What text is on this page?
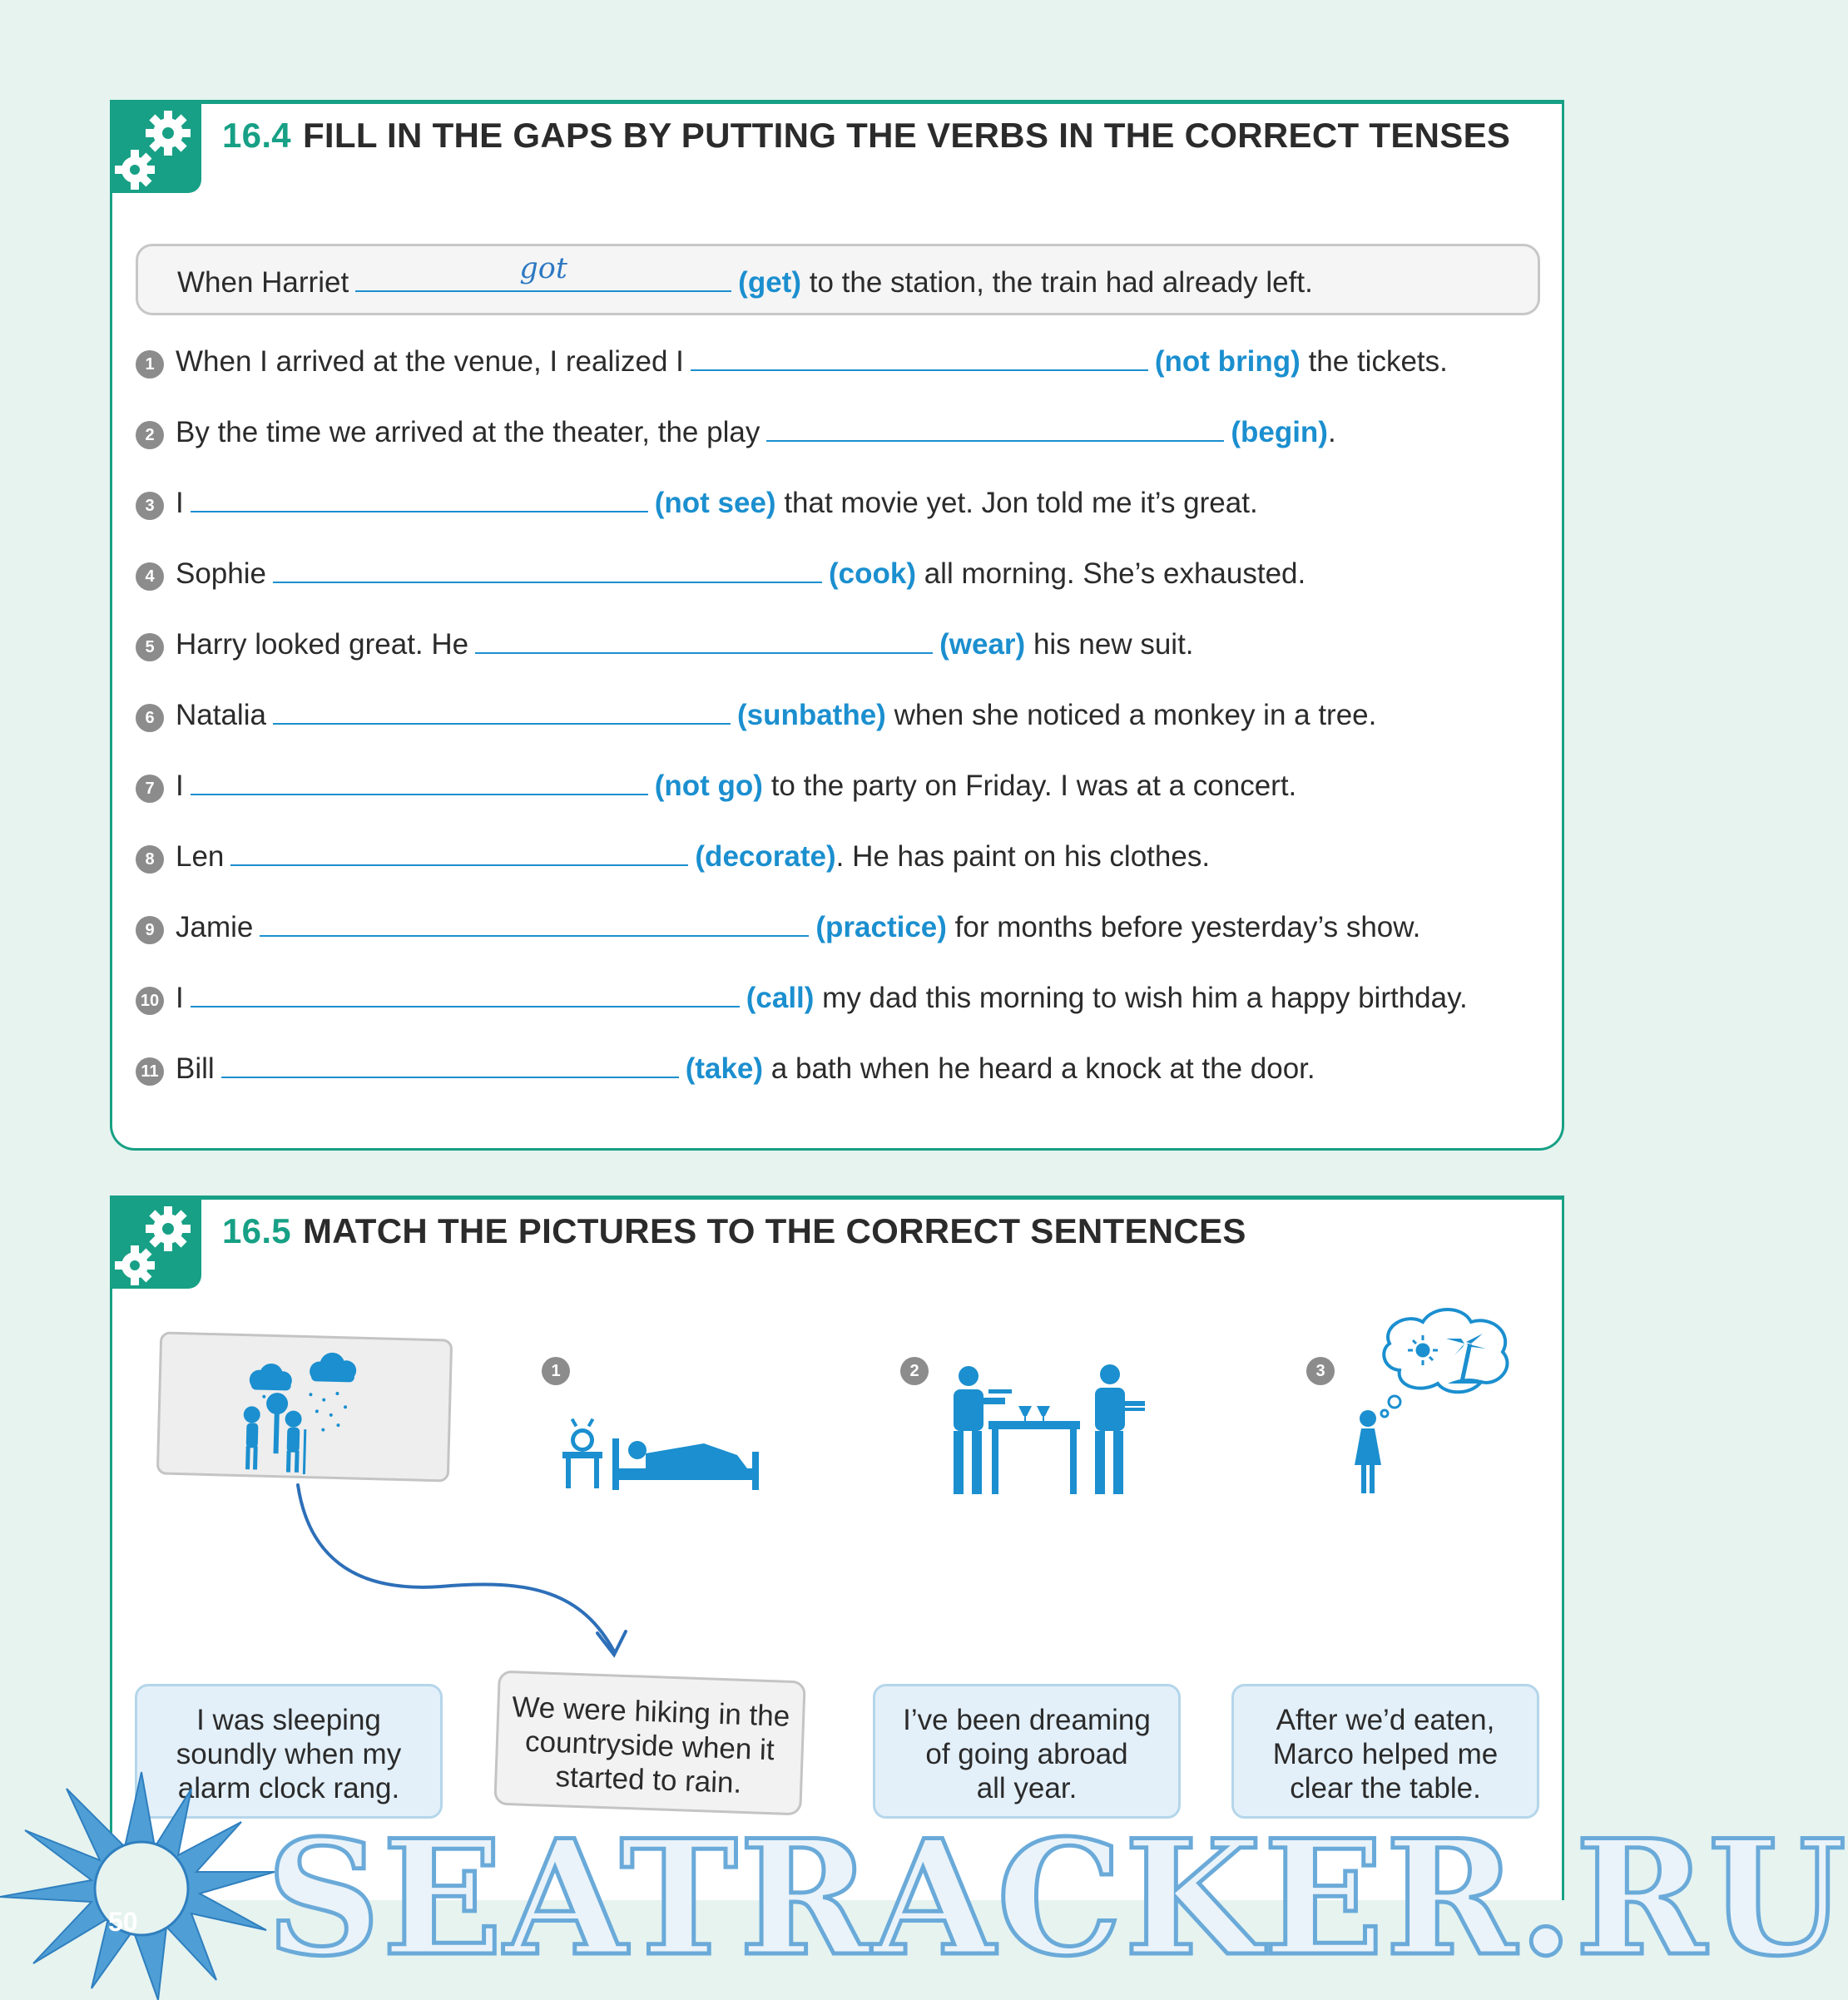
16.4 FILL IN THE GAPS BY PUTTING THE VERBS IN THE CORRECT TENSES
When Harriet	got	(get) to the station, the train had already left.
1 When I arrived at the venue, I realized I	(not bring) the tickets.
2 By the time we arrived at the theater, the play	(begin).
3 I	(not see) that movie yet. Jon told me it’s great.
4 Sophie	(cook) all morning. She’s exhausted.
5 Harry looked great. He	(wear) his new suit.
6 Natalia	(sunbathe) when she noticed a monkey in a tree.
7 I	(not go) to the party on Friday. I was at a concert.
8 Len	(decorate). He has paint on his clothes.
9 Jamie	(practice) for months before yesterday’s show.
10 I	(call) my dad this morning to wish him a happy birthday.
11 Bill	(take) a bath when he heard a knock at the door.
16.5 MATCH THE PICTURES TO THE CORRECT SENTENCES
1	2	3
I was sleeping
soundly when my
alarm clock rang.
We were hiking in the
countryside when it
started to rain.
I’ve been dreaming
of going abroad
all year.
After we’d eaten,
Marco helped me
clear the table.
SEATRACKER.RU
50
